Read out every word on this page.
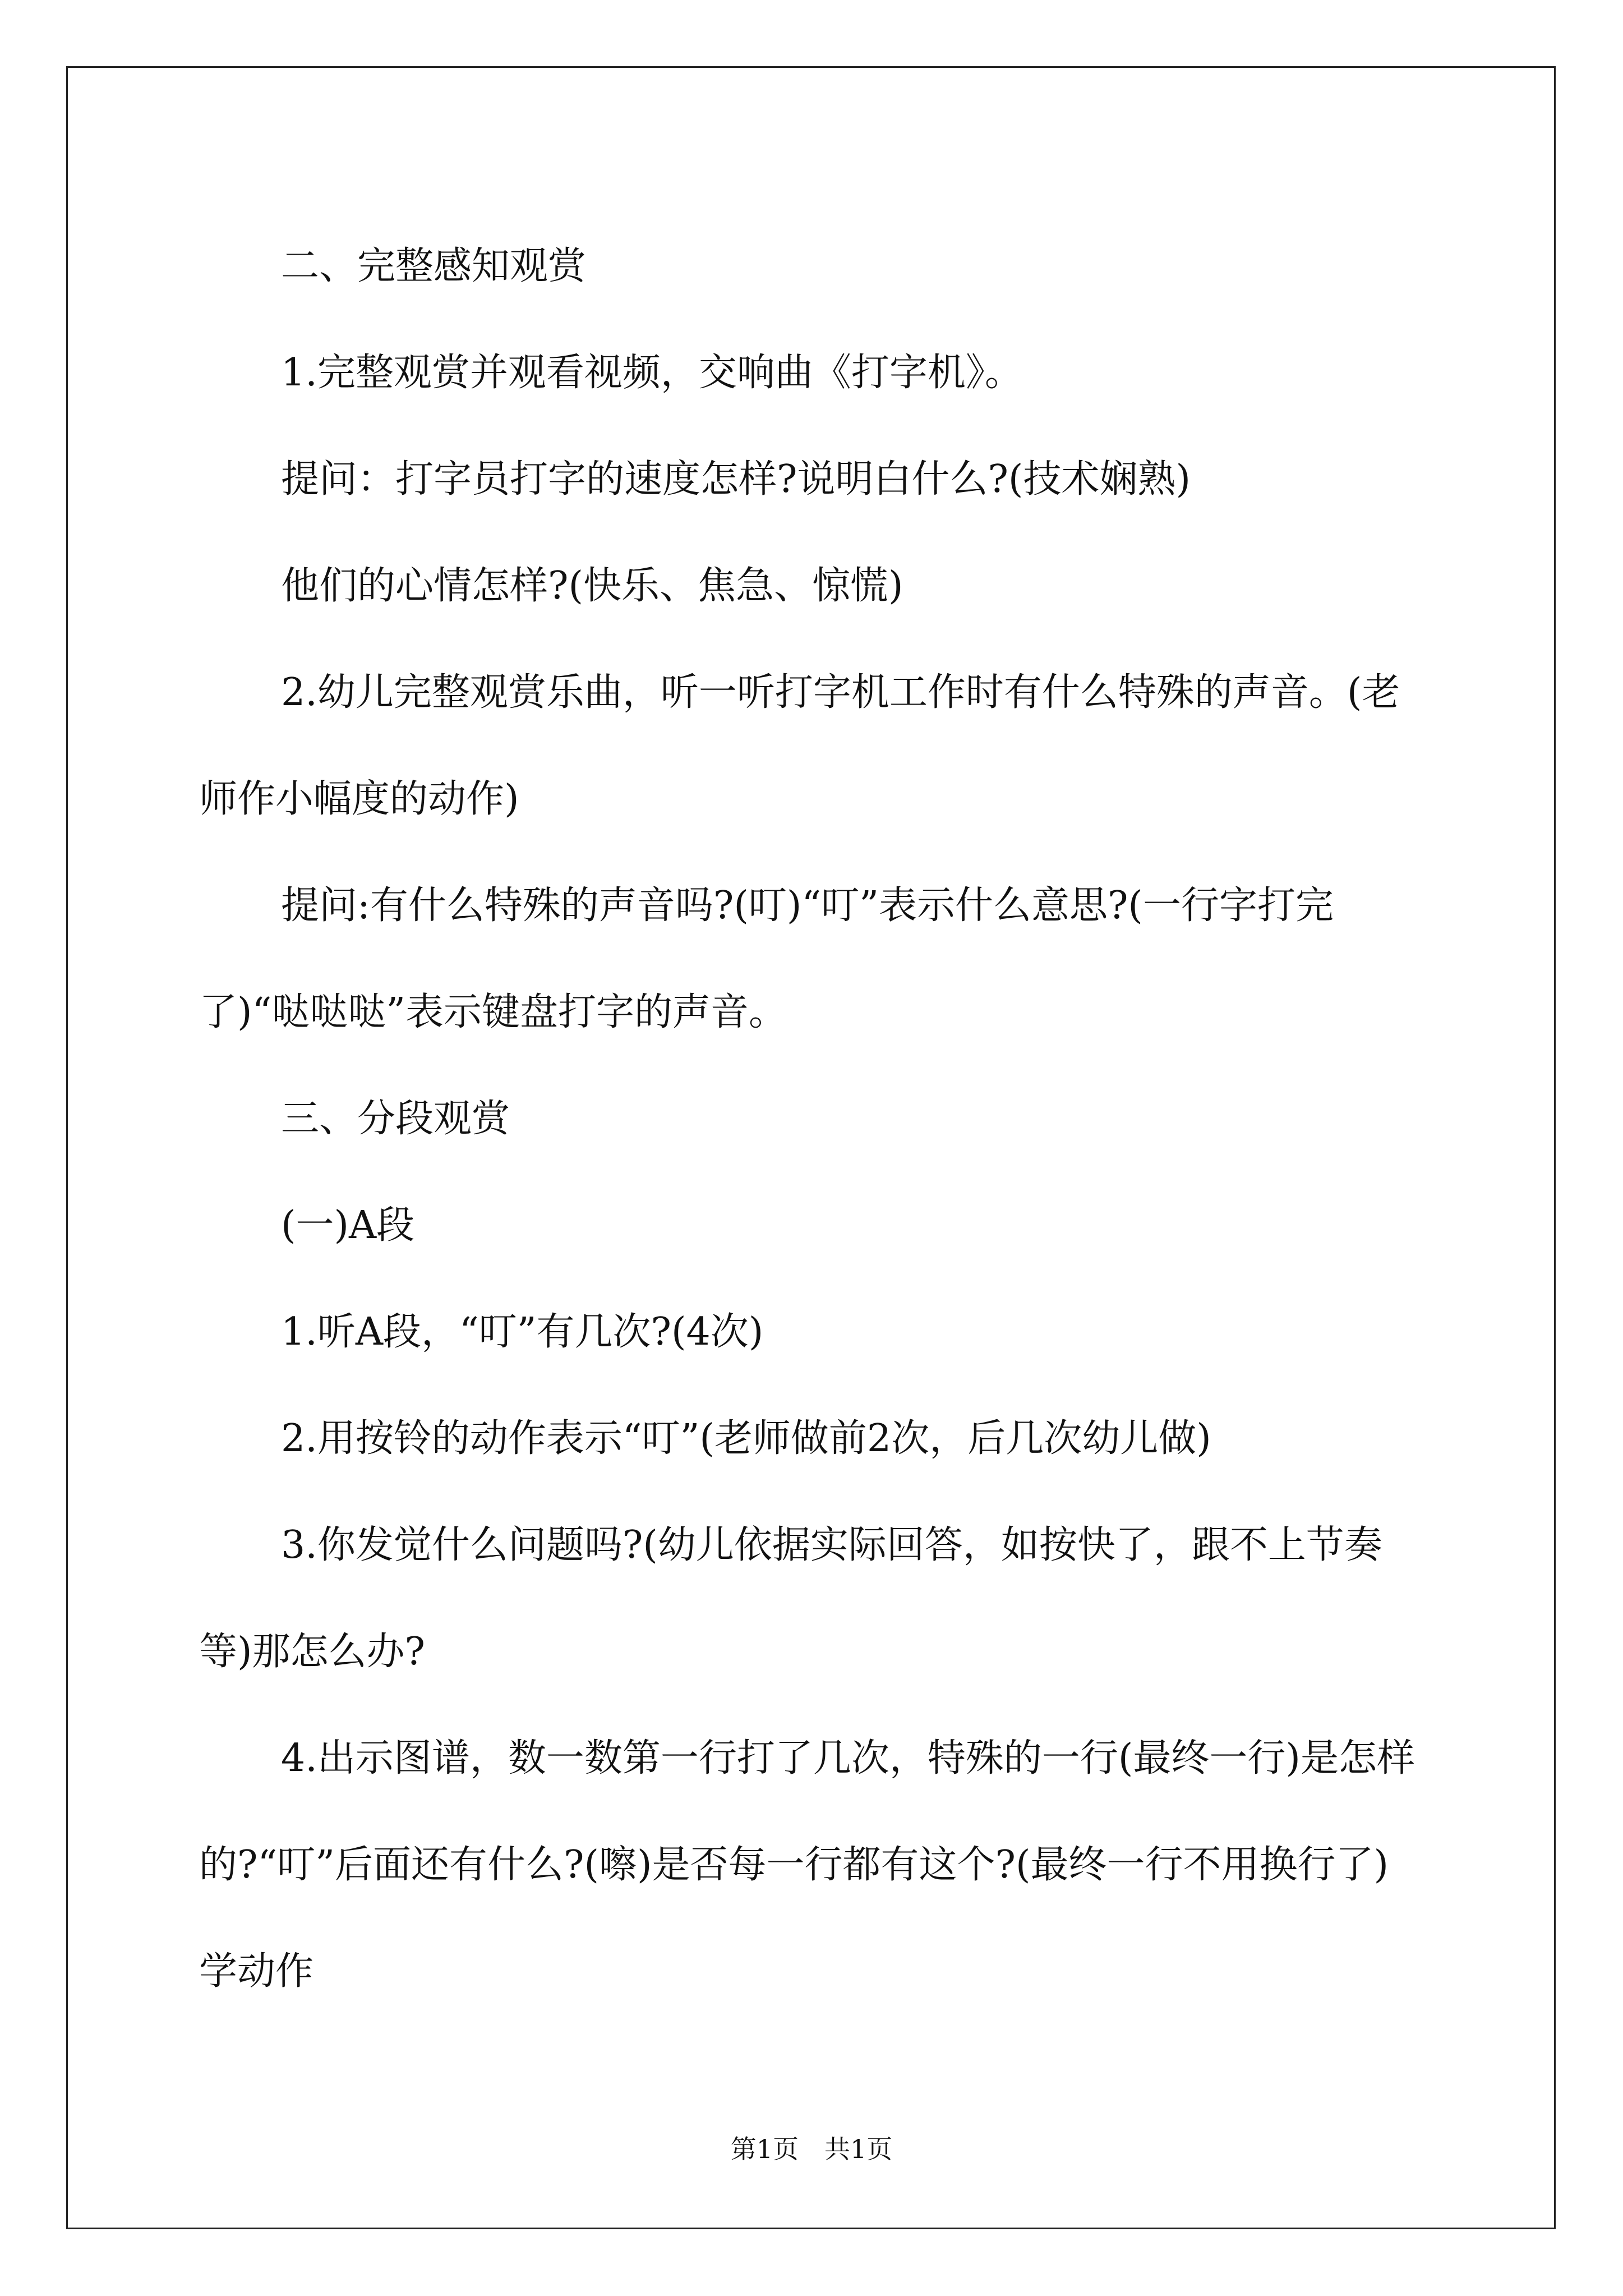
二、完整感知观赏

1.完整观赏并观看视频，交响曲《打字机》。

提问：打字员打字的速度怎样?说明白什么?(技术娴熟)

他们的心情怎样?(快乐、焦急、惊慌)

2.幼儿完整观赏乐曲，听一听打字机工作时有什么特殊的声音。(老师作小幅度的动作)

提问:有什么特殊的声音吗?(叮)“叮”表示什么意思?(一行字打完了)“哒哒哒”表示键盘打字的声音。

三、分段观赏

(一)A段

1.听A段，“叮”有几次?(4次)

2.用按铃的动作表示“叮”(老师做前2次，后几次幼儿做)

3.你发觉什么问题吗?(幼儿依据实际回答，如按快了，跟不上节奏等)那怎么办?

4.出示图谱，数一数第一行打了几次，特殊的一行(最终一行)是怎样的?“叮”后面还有什么?(嚓)是否每一行都有这个?(最终一行不用换行了) 学动作

第1页　共1页
